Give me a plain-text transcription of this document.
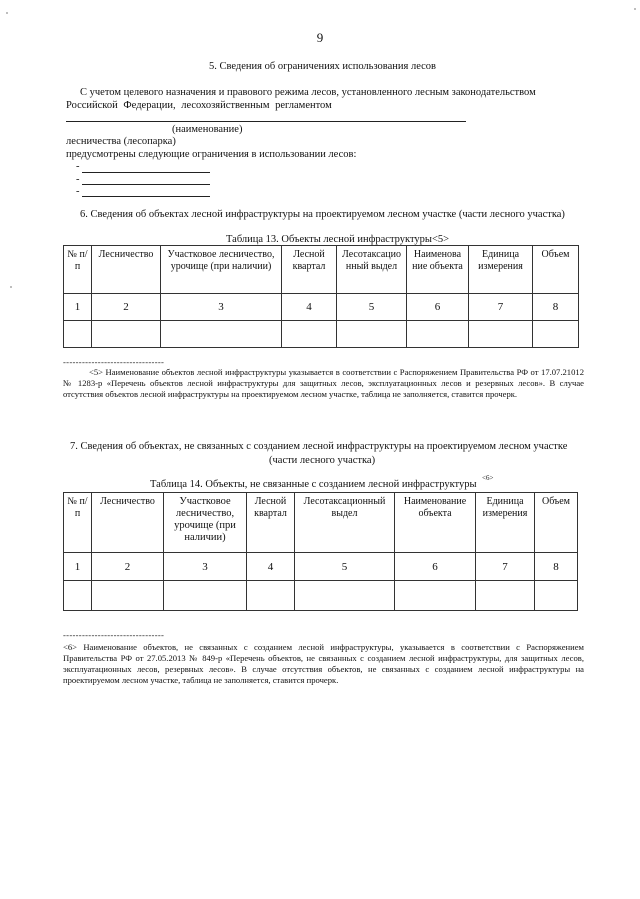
9
5. Сведения об ограничениях использования лесов
С учетом целевого назначения и правового режима лесов, установленного лесным законодательством
Российской Федерации, лесохозяйственным регламентом
(наименование)
лесничества (лесопарка)
предусмотрены следующие ограничения в использовании лесов:
-
-
-
6. Сведения об объектах лесной инфраструктуры на проектируемом лесном участке (части лесного участка)
Таблица 13. Объекты лесной инфраструктуры<5>
№ п/п	Лесничество	Участковое лесничество, урочище (при наличии)	Лесной квартал	Лесотаксацио нный выдел	Наименова ние объекта	Единица измерения	Объем
1	2	3	4	5	6	7	8

--------------------------------
<5> Наименование объектов лесной инфраструктуры указывается в соответствии с Распоряжением Правительства РФ от 17.07.21012 № 1283-р «Перечень объектов лесной инфраструктуры для защитных лесов, эксплуатационных лесов и резервных лесов». В случае отсутствия объектов лесной инфраструктуры на проектируемом лесном участке, таблица не заполняется, ставится прочерк.
7. Сведения об объектах, не связанных с созданием лесной инфраструктуры на проектируемом лесном участке
(части лесного участка)
Таблица 14. Объекты, не связанные с созданием лесной инфраструктуры
<6>
№ п/п	Лесничество	Участковое лесничество, урочище (при наличии)	Лесной квартал	Лесотаксационный выдел	Наименование объекта	Единица измерения	Объем
1	2	3	4	5	6	7	8

--------------------------------
<6> Наименование объектов, не связанных с созданием лесной инфраструктуры, указывается в соответствии с Распоряжением Правительства РФ от 27.05.2013 № 849-р «Перечень объектов, не связанных с созданием лесной инфраструктуры, для защитных лесов, эксплуатационных лесов, резервных лесов». В случае отсутствия объектов, не связанных с созданием лесной инфраструктуры на проектируемом лесном участке, таблица не заполняется, ставится прочерк.
